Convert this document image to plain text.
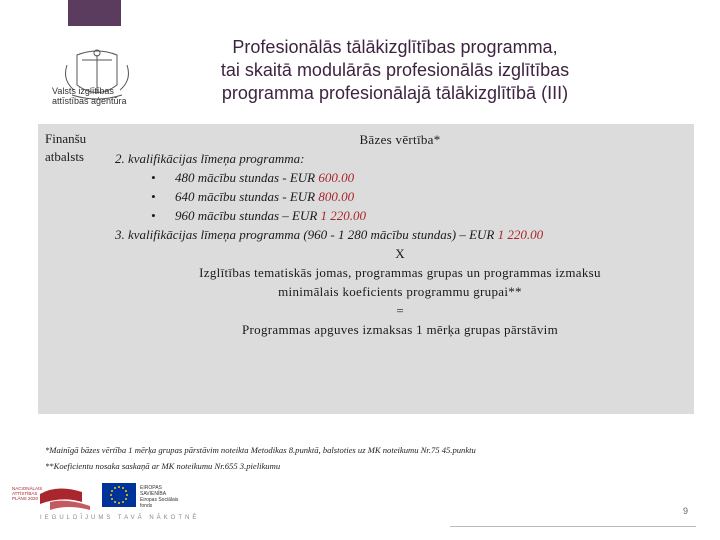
Valsts izglītības
attīstības aģentūra
Profesionālās tālākizglītības programma,
tai skaitā modulārās profesionālās izglītības
programma profesionālajā tālākizglītībā (III)
Finanšu
atbalsts
Bāzes vērtība*
2. kvalifikācijas līmeņa programma:
• 480 mācību stundas - EUR 600.00
• 640 mācību stundas - EUR 800.00
• 960 mācību stundas – EUR 1 220.00
3. kvalifikācijas līmeņa programma (960 - 1 280 mācību stundas) – EUR 1 220.00
X
Izglītības tematiskās jomas, programmas grupas un programmas izmaksu
minimālais koeficients programmu grupai**
=
Programmas apguves izmaksas 1 mērķa grupas pārstāvim
*Mainīgā bāzes vērtība 1 mērķa grupas pārstāvim noteikta Metodikas 8.punktā, balstoties uz MK noteikumu Nr.75 45.punktu
**Koeficientu nosaka saskaņā ar MK noteikumu Nr.655 3.pielikumu
NACIONĀLAIS
ATTĪSTĪBAS
PLĀNS 2020
EIROPAS SAVIENĪBA
Eiropas Sociālais
fonds
IEGULDĪJUMS TAVĀ NĀKOTNĒ
9
